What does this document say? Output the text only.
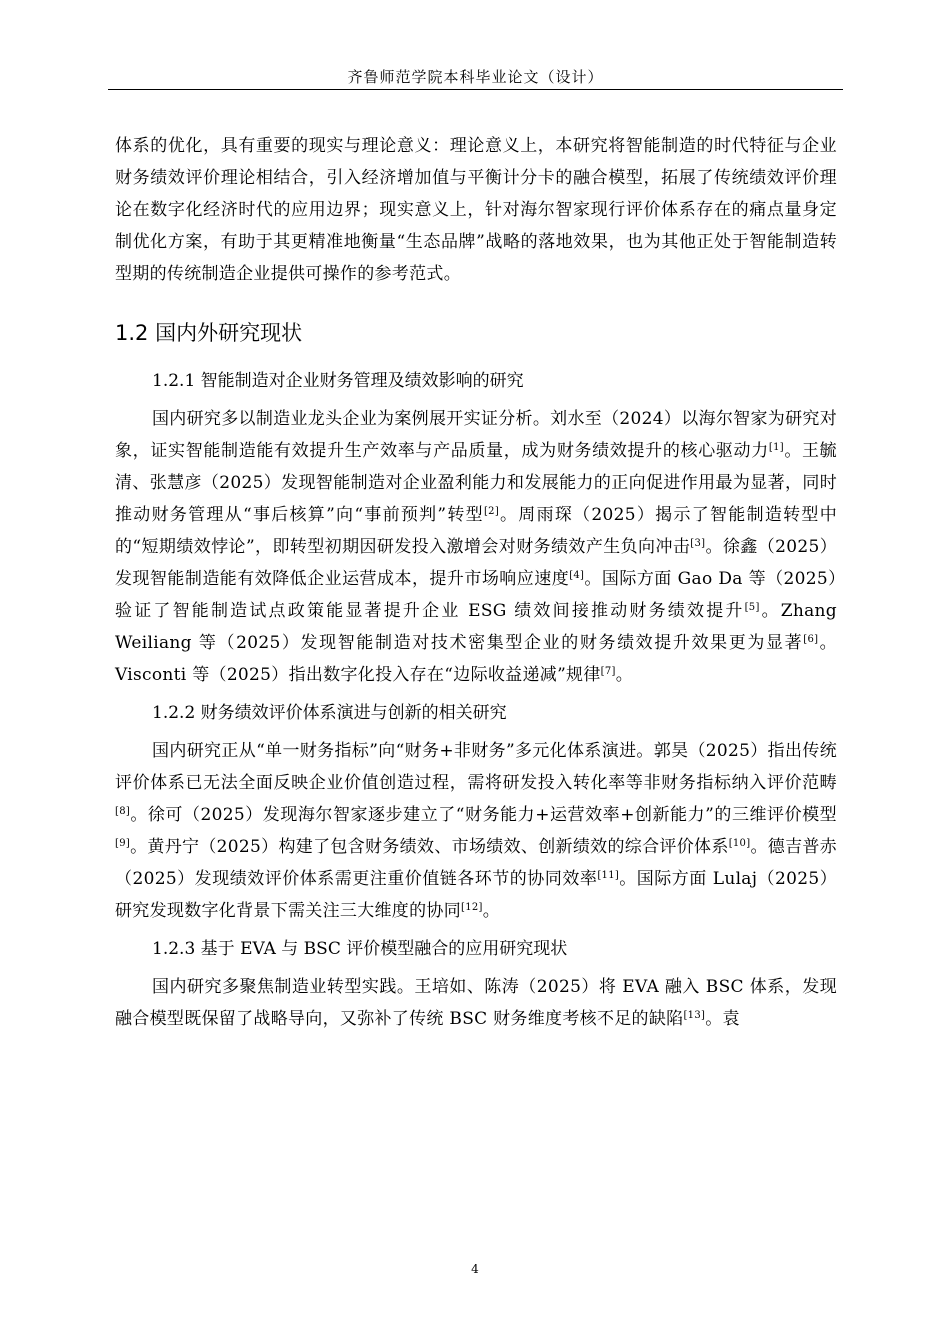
齐鲁师范学院本科毕业论文（设计）

体系的优化，具有重要的现实与理论意义：理论意义上，本研究将智能制造的时代特征与企业财务绩效评价理论相结合，引入经济增加值与平衡计分卡的融合模型，拓展了传统绩效评价理论在数字化经济时代的应用边界；现实意义上，针对海尔智家现行评价体系存在的痛点量身定制优化方案，有助于其更精准地衡量“生态品牌”战略的落地效果，也为其他正处于智能制造转型期的传统制造企业提供可操作的参考范式。

1.2 国内外研究现状
1.2.1 智能制造对企业财务管理及绩效影响的研究

国内研究多以制造业龙头企业为案例展开实证分析。刘水至（2024）以海尔智家为研究对象，证实智能制造能有效提升生产效率与产品质量，成为财务绩效提升的核心驱动力[1]。王毓清、张慧彦（2025）发现智能制造对企业盈利能力和发展能力的正向促进作用最为显著，同时推动财务管理从“事后核算”向“事前预判”转型[2]。周雨琛（2025）揭示了智能制造转型中的“短期绩效悖论”，即转型初期因研发投入激增会对财务绩效产生负向冲击[3]。徐鑫（2025）发现智能制造能有效降低企业运营成本，提升市场响应速度[4]。国际方面 Gao Da 等（2025）验证了智能制造试点政策能显著提升企业 ESG 绩效间接推动财务绩效提升[5]。Zhang Weiliang 等（2025）发现智能制造对技术密集型企业的财务绩效提升效果更为显著[6]。Visconti 等（2025）指出数字化投入存在“边际收益递减”规律[7]。

1.2.2 财务绩效评价体系演进与创新的相关研究

国内研究正从“单一财务指标”向“财务+非财务”多元化体系演进。郭昊（2025）指出传统评价体系已无法全面反映企业价值创造过程，需将研发投入转化率等非财务指标纳入评价范畴[8]。徐可（2025）发现海尔智家逐步建立了“财务能力+运营效率+创新能力”的三维评价模型[9]。黄丹宁（2025）构建了包含财务绩效、市场绩效、创新绩效的综合评价体系[10]。德吉普赤（2025）发现绩效评价体系需更注重价值链各环节的协同效率[11]。国际方面 Lulaj（2025）研究发现数字化背景下需关注三大维度的协同[12]。

1.2.3 基于 EVA 与 BSC 评价模型融合的应用研究现状

国内研究多聚焦制造业转型实践。王培如、陈涛（2025）将 EVA 融入 BSC 体系，发现融合模型既保留了战略导向，又弥补了传统 BSC 财务维度考核不足的缺陷[13]。袁

4
